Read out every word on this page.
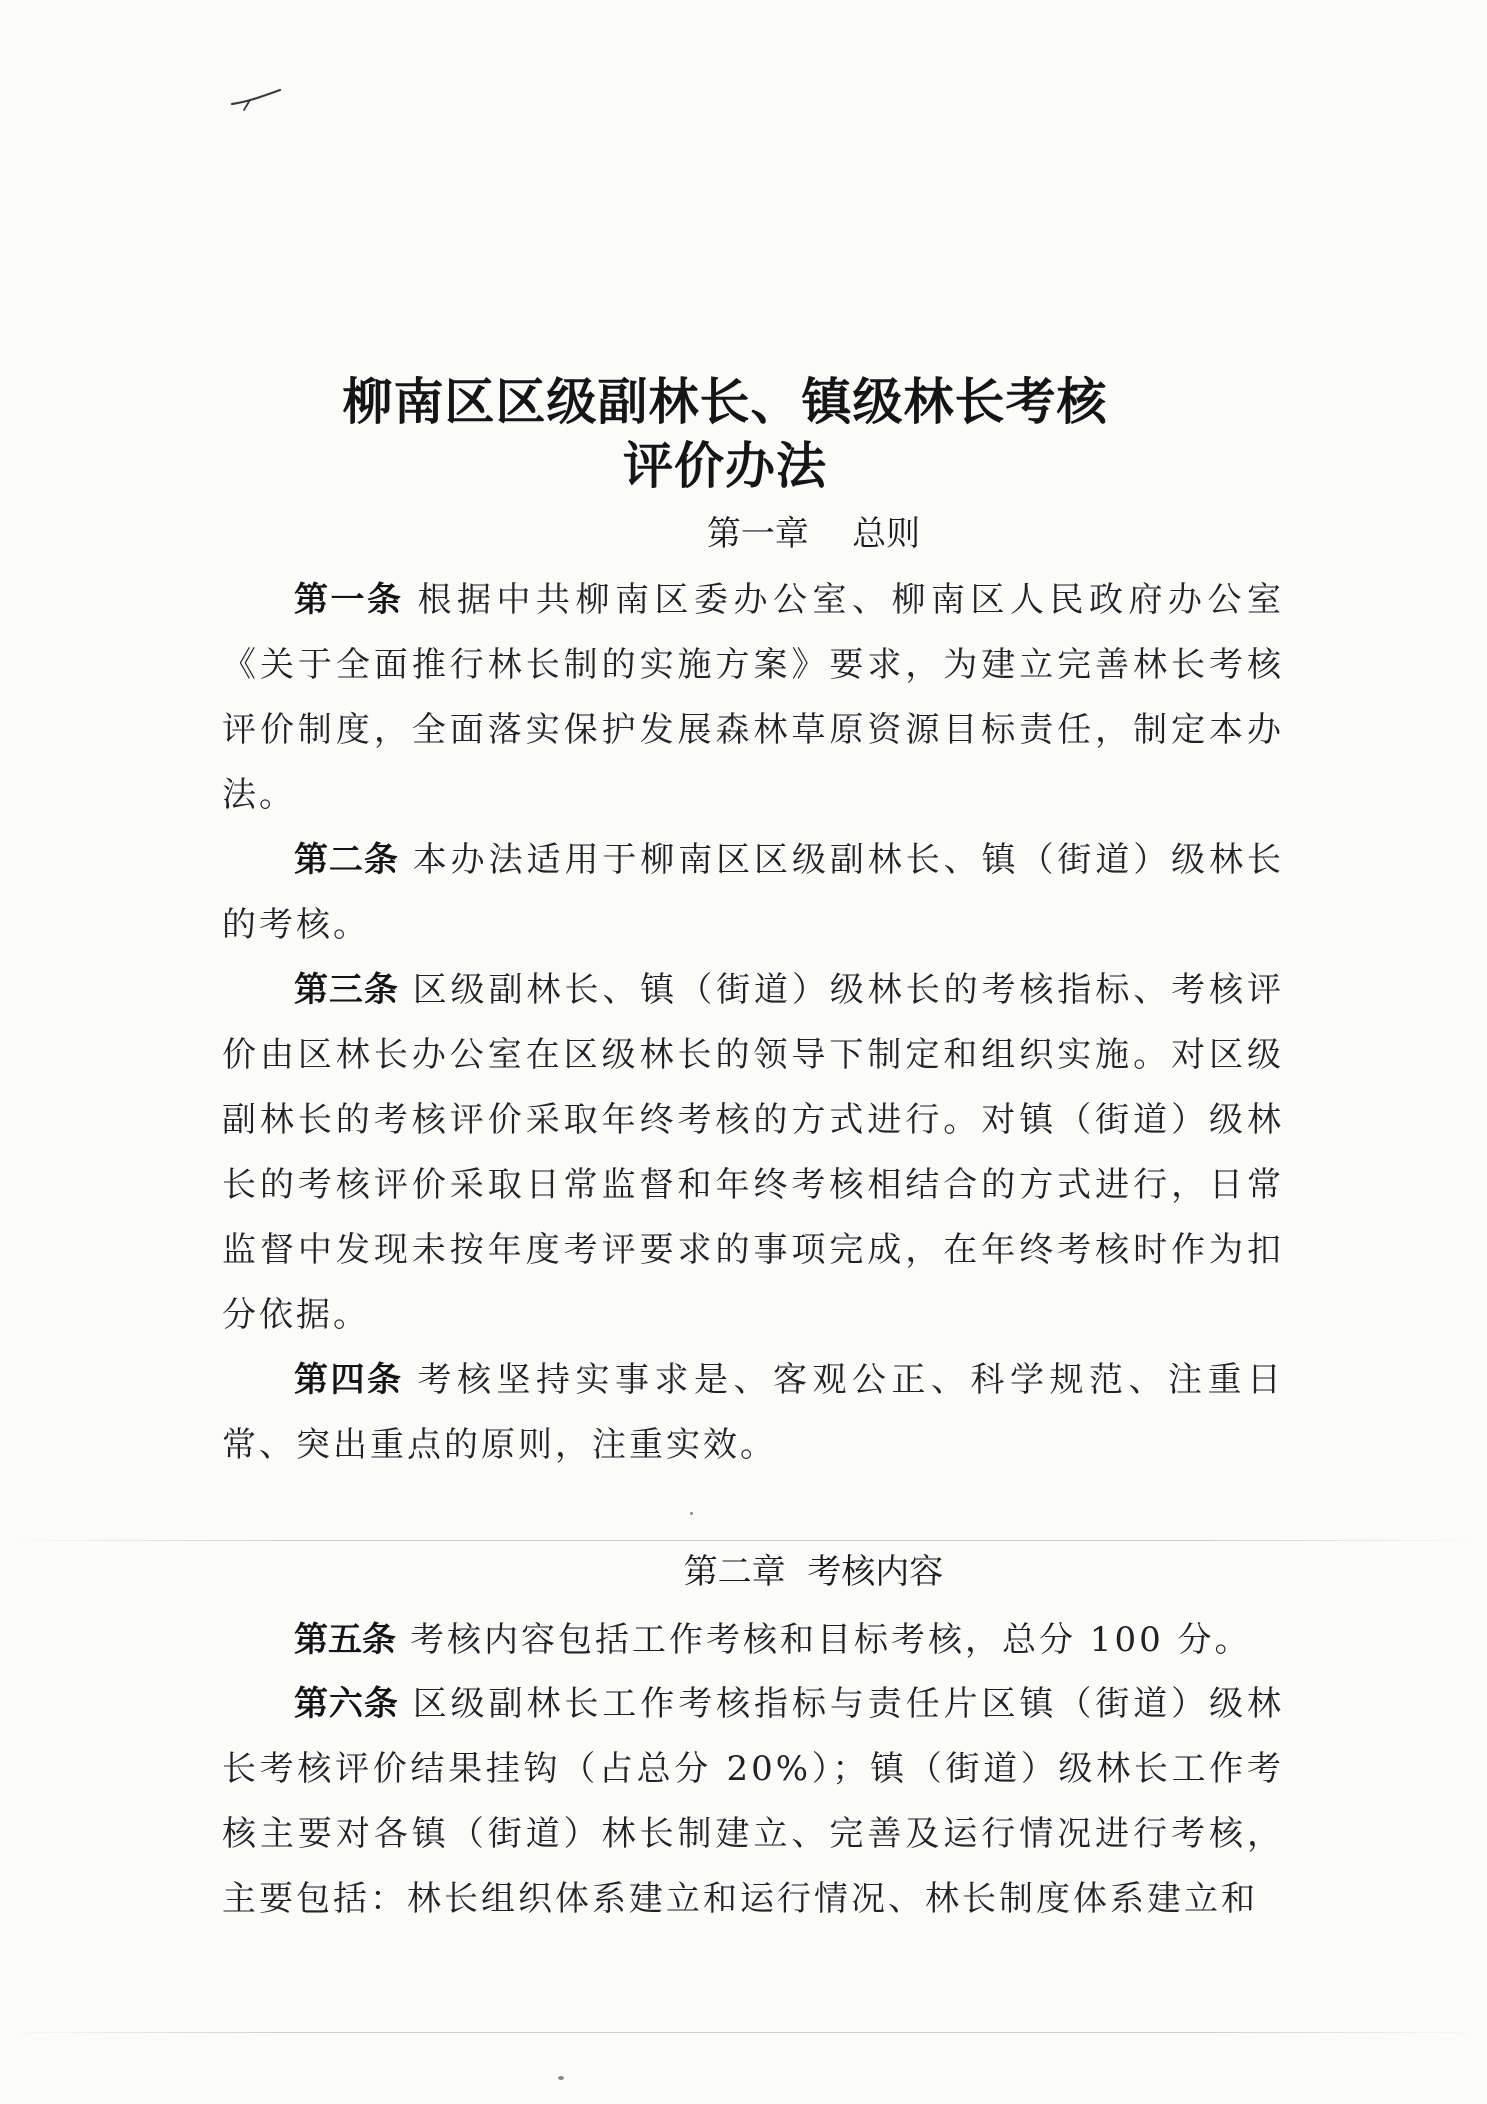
柳南区区级副林长、镇级林长考核
评价办法
第一章    总则

第一条 根据中共柳南区委办公室、柳南区人民政府办公室《关于全面推行林长制的实施方案》要求，为建立完善林长考核评价制度，全面落实保护发展森林草原资源目标责任，制定本办法。

第二条 本办法适用于柳南区区级副林长、镇（街道）级林长的考核。

第三条 区级副林长、镇（街道）级林长的考核指标、考核评价由区林长办公室在区级林长的领导下制定和组织实施。对区级副林长的考核评价采取年终考核的方式进行。对镇（街道）级林长的考核评价采取日常监督和年终考核相结合的方式进行，日常监督中发现未按年度考评要求的事项完成，在年终考核时作为扣分依据。

第四条 考核坚持实事求是、客观公正、科学规范、注重日常、突出重点的原则，注重实效。

第二章  考核内容

第五条 考核内容包括工作考核和目标考核，总分 100 分。

第六条 区级副林长工作考核指标与责任片区镇（街道）级林长考核评价结果挂钩（占总分 20%）；镇（街道）级林长工作考核主要对各镇（街道）林长制建立、完善及运行情况进行考核，主要包括：林长组织体系建立和运行情况、林长制度体系建立和
